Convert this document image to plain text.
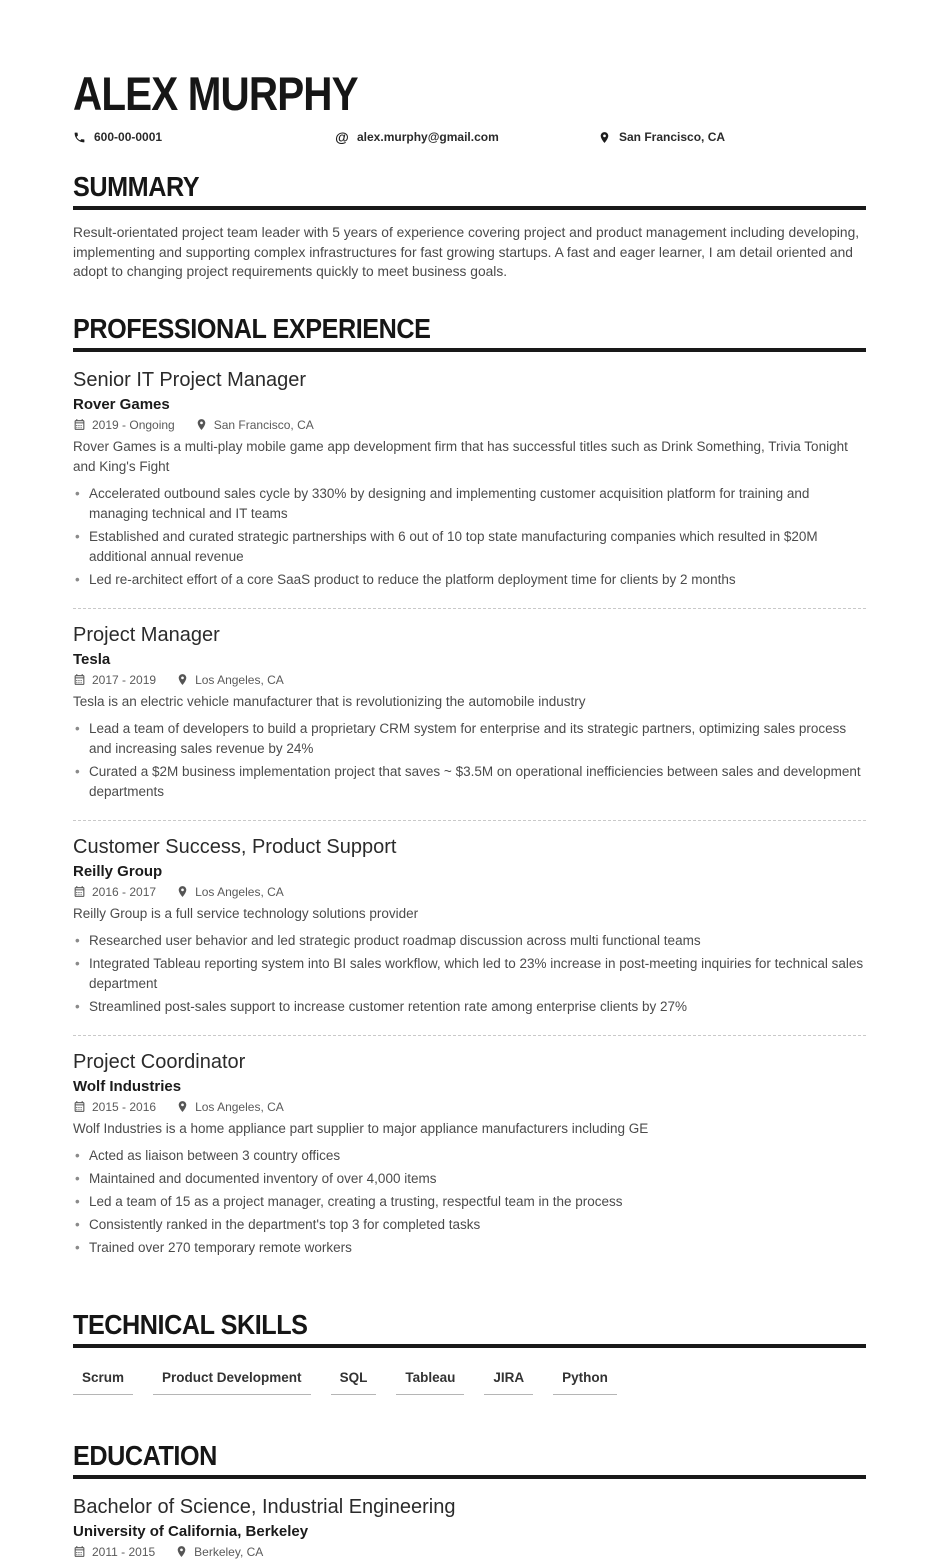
ALEX MURPHY
600-00-0001	@ alex.murphy@gmail.com	San Francisco, CA
SUMMARY

Result-orientated project team leader with 5 years of experience covering project and product management including developing, implementing and supporting complex infrastructures for fast growing startups. A fast and eager learner, I am detail oriented and adopt to changing project requirements quickly to meet business goals.

PROFESSIONAL EXPERIENCE
Senior IT Project Manager
Rover Games
2019 - Ongoing	San Francisco, CA
Rover Games is a multi-play mobile game app development firm that has successful titles such as Drink Something, Trivia Tonight and King's Fight
• Accelerated outbound sales cycle by 330% by designing and implementing customer acquisition platform for training and managing technical and IT teams
• Established and curated strategic partnerships with 6 out of 10 top state manufacturing companies which resulted in $20M additional annual revenue
• Led re-architect effort of a core SaaS product to reduce the platform deployment time for clients by 2 months
Project Manager
Tesla
2017 - 2019	Los Angeles, CA
Tesla is an electric vehicle manufacturer that is revolutionizing the automobile industry
• Lead a team of developers to build a proprietary CRM system for enterprise and its strategic partners, optimizing sales process and increasing sales revenue by 24%
• Curated a $2M business implementation project that saves ~ $3.5M on operational inefficiencies between sales and development departments
Customer Success, Product Support
Reilly Group
2016 - 2017	Los Angeles, CA
Reilly Group is a full service technology solutions provider
• Researched user behavior and led strategic product roadmap discussion across multi functional teams
• Integrated Tableau reporting system into BI sales workflow, which led to 23% increase in post-meeting inquiries for technical sales department
• Streamlined post-sales support to increase customer retention rate among enterprise clients by 27%
Project Coordinator
Wolf Industries
2015 - 2016	Los Angeles, CA
Wolf Industries is a home appliance part supplier to major appliance manufacturers including GE
• Acted as liaison between 3 country offices
• Maintained and documented inventory of over 4,000 items
• Led a team of 15 as a project manager, creating a trusting, respectful team in the process
• Consistently ranked in the department's top 3 for completed tasks
• Trained over 270 temporary remote workers
TECHNICAL SKILLS
Scrum	Product Development	SQL	Tableau	JIRA	Python
EDUCATION
Bachelor of Science, Industrial Engineering
University of California, Berkeley
2011 - 2015	Berkeley, CA
